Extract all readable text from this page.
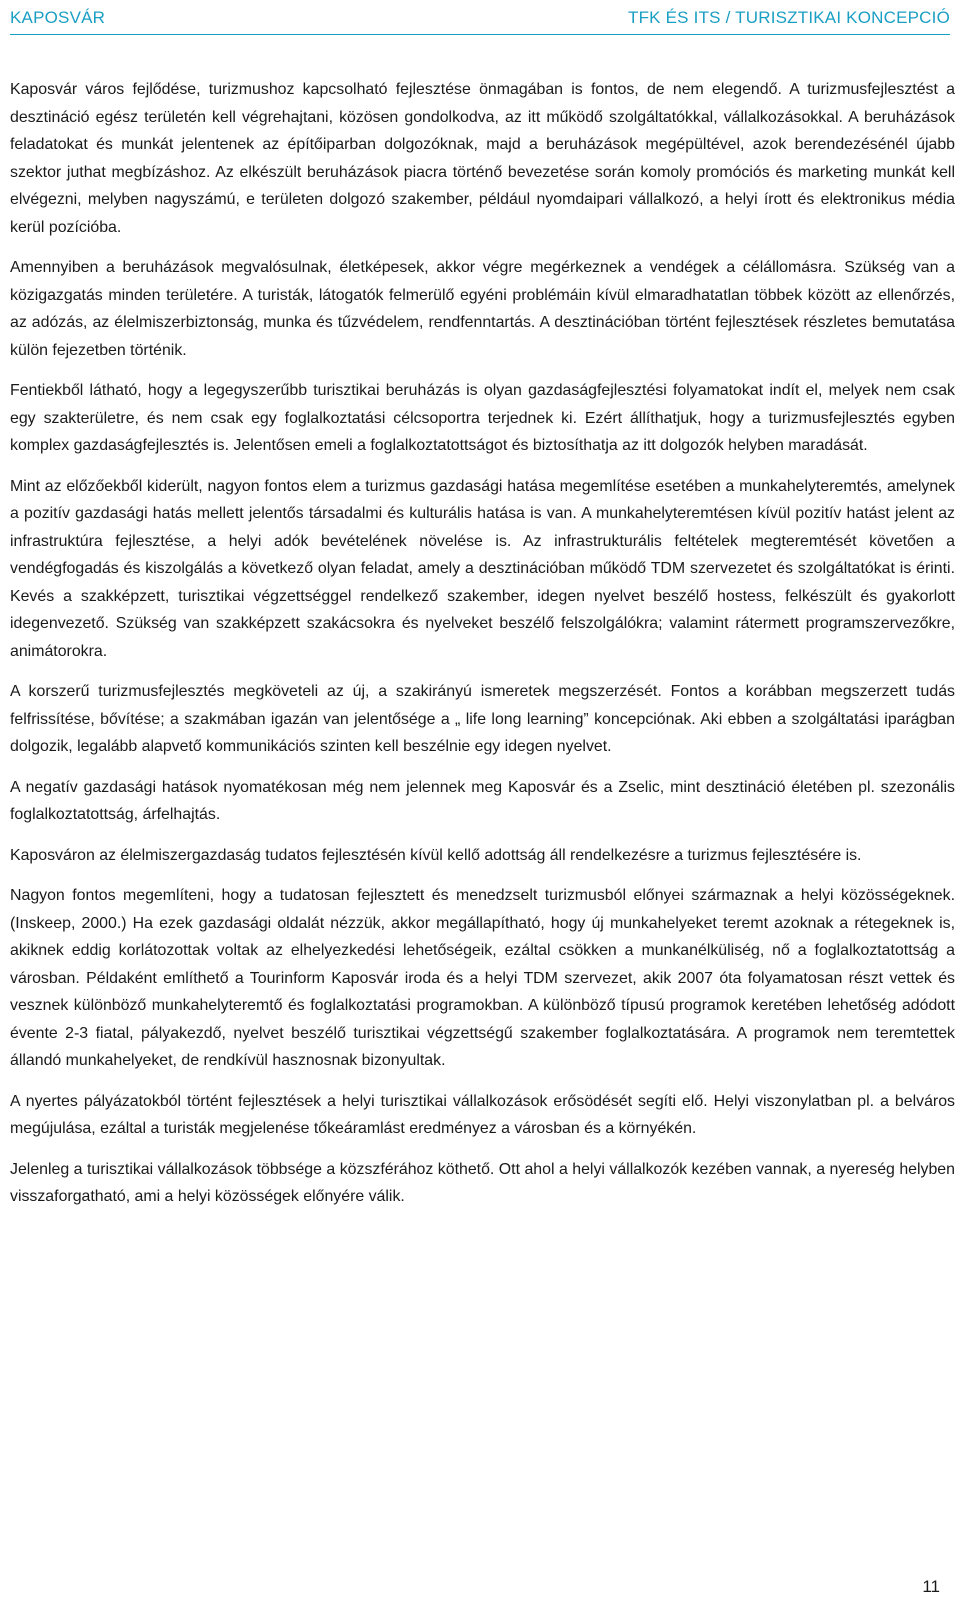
KAPOSVÁR	TFK ÉS ITS / TURISZTIKAI KONCEPCIÓ

Kaposvár város fejlődése, turizmushoz kapcsolható fejlesztése önmagában is fontos, de nem elegendő. A turizmusfejlesztést a desztináció egész területén kell végrehajtani, közösen gondolkodva, az itt működő szolgáltatókkal, vállalkozásokkal. A beruházások feladatokat és munkát jelentenek az építőiparban dolgozóknak, majd a beruházások megépültével, azok berendezésénél újabb szektor juthat megbízáshoz. Az elkészült beruházások piacra történő bevezetése során komoly promóciós és marketing munkát kell elvégezni, melyben nagyszámú, e területen dolgozó szakember, például nyomdaipari vállalkozó, a helyi írott és elektronikus média kerül pozícióba.

Amennyiben a beruházások megvalósulnak, életképesek, akkor végre megérkeznek a vendégek a célállomásra. Szükség van a közigazgatás minden területére. A turisták, látogatók felmerülő egyéni problémáin kívül elmaradhatatlan többek között az ellenőrzés, az adózás, az élelmiszerbiztonság, munka és tűzvédelem, rendfenntartás. A desztinációban történt fejlesztések részletes bemutatása külön fejezetben történik.

Fentiekből látható, hogy a legegyszerűbb turisztikai beruházás is olyan gazdaságfejlesztési folyamatokat indít el, melyek nem csak egy szakterületre, és nem csak egy foglalkoztatási célcsoportra terjednek ki. Ezért állíthatjuk, hogy a turizmusfejlesztés egyben komplex gazdaságfejlesztés is. Jelentősen emeli a foglalkoztatottságot és biztosíthatja az itt dolgozók helyben maradását.

Mint az előzőekből kiderült, nagyon fontos elem a turizmus gazdasági hatása megemlítése esetében a munkahelyteremtés, amelynek a pozitív gazdasági hatás mellett jelentős társadalmi és kulturális hatása is van. A munkahelyteremtésen kívül pozitív hatást jelent az infrastruktúra fejlesztése, a helyi adók bevételének növelése is. Az infrastrukturális feltételek megteremtését követően a vendégfogadás és kiszolgálás a következő olyan feladat, amely a desztinációban működő TDM szervezetet és szolgáltatókat is érinti. Kevés a szakképzett, turisztikai végzettséggel rendelkező szakember, idegen nyelvet beszélő hostess, felkészült és gyakorlott idegenvezető. Szükség van szakképzett szakácsokra és nyelveket beszélő felszolgálókra; valamint rátermett programszervezőkre, animátorokra.

A korszerű turizmusfejlesztés megköveteli az új, a szakirányú ismeretek megszerzését. Fontos a korábban megszerzett tudás felfrissítése, bővítése; a szakmában igazán van jelentősége a „ life long learning” koncepciónak. Aki ebben a szolgáltatási iparágban dolgozik, legalább alapvető kommunikációs szinten kell beszélnie egy idegen nyelvet.

A negatív gazdasági hatások nyomatékosan még nem jelennek meg Kaposvár és a Zselic, mint desztináció életében pl. szezonális foglalkoztatottság, árfelhajtás.

Kaposváron az élelmiszergazdaság tudatos fejlesztésén kívül kellő adottság áll rendelkezésre a turizmus fejlesztésére is.

Nagyon fontos megemlíteni, hogy a tudatosan fejlesztett és menedzselt turizmusból előnyei származnak a helyi közösségeknek. (Inskeep, 2000.) Ha ezek gazdasági oldalát nézzük, akkor megállapítható, hogy új munkahelyeket teremt azoknak a rétegeknek is, akiknek eddig korlátozottak voltak az elhelyezkedési lehetőségeik, ezáltal csökken a munkanélküliség, nő a foglalkoztatottság a városban. Példaként említhető a Tourinform Kaposvár iroda és a helyi TDM szervezet, akik 2007 óta folyamatosan részt vettek és vesznek különböző munkahelyteremtő és foglalkoztatási programokban. A különböző típusú programok keretében lehetőség adódott évente 2-3 fiatal, pályakezdő, nyelvet beszélő turisztikai végzettségű szakember foglalkoztatására. A programok nem teremtettek állandó munkahelyeket, de rendkívül hasznosnak bizonyultak.

A nyertes pályázatokból történt fejlesztések a helyi turisztikai vállalkozások erősödését segíti elő. Helyi viszonylatban pl. a belváros megújulása, ezáltal a turisták megjelenése tőkeáramlást eredményez a városban és a környékén.

Jelenleg a turisztikai vállalkozások többsége a közszférához köthető. Ott ahol a helyi vállalkozók kezében vannak, a nyereség helyben visszaforgatható, ami a helyi közösségek előnyére válik.

11
